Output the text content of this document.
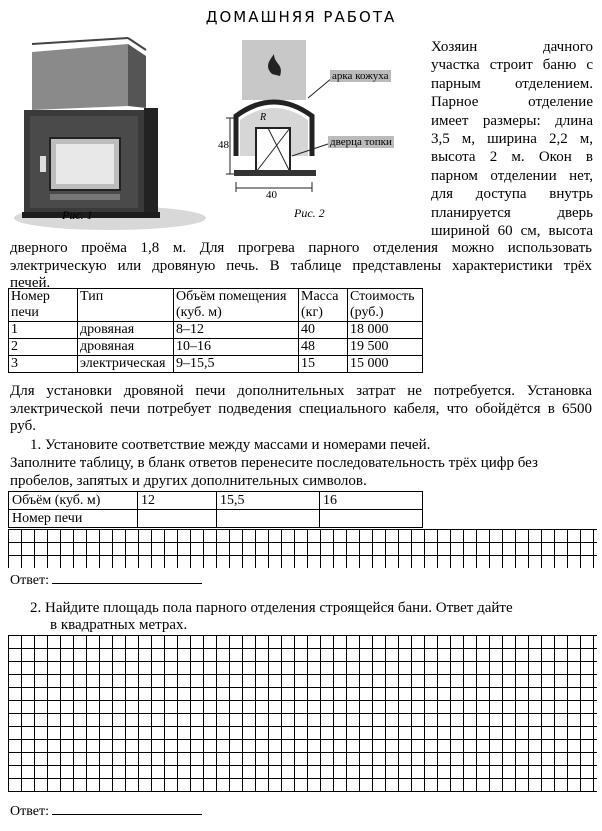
ДОМАШНЯЯ РАБОТА
Рис. 1
арка кожуха
дверца топки
48
40
R
Рис. 2
Хозяин дачного
участка строит баню с
парным отделением.
Парное отделение
имеет размеры: длина
3,5 м, ширина 2,2 м,
высота 2 м. Окон в
парном отделении нет,
для доступа внутрь
планируется дверь
шириной 60 см, высота
дверного проёма 1,8 м. Для прогрева парного отделения можно использовать
электрическую или дровяную печь. В таблице представлены характеристики трёх
печей.
Номер печи	Тип	Объём помещения (куб. м)	Масса (кг)	Стоимость (руб.)
1	дровяная	8–12	40	18 000
2	дровяная	10–16	48	19 500
3	электрическая	9–15,5	15	15 000
Для установки дровяной печи дополнительных затрат не потребуется. Установка
электрической печи потребует подведения специального кабеля, что обойдётся в 6500
руб.
1. Установите соответствие между массами и номерами печей.
Заполните таблицу, в бланк ответов перенесите последовательность трёх цифр без
пробелов, запятых и других дополнительных символов.
Объём (куб. м)	12	15,5	16
Номер печи			
Ответ:
2. Найдите площадь пола парного отделения строящейся бани. Ответ дайте
в квадратных метрах.
Ответ:
